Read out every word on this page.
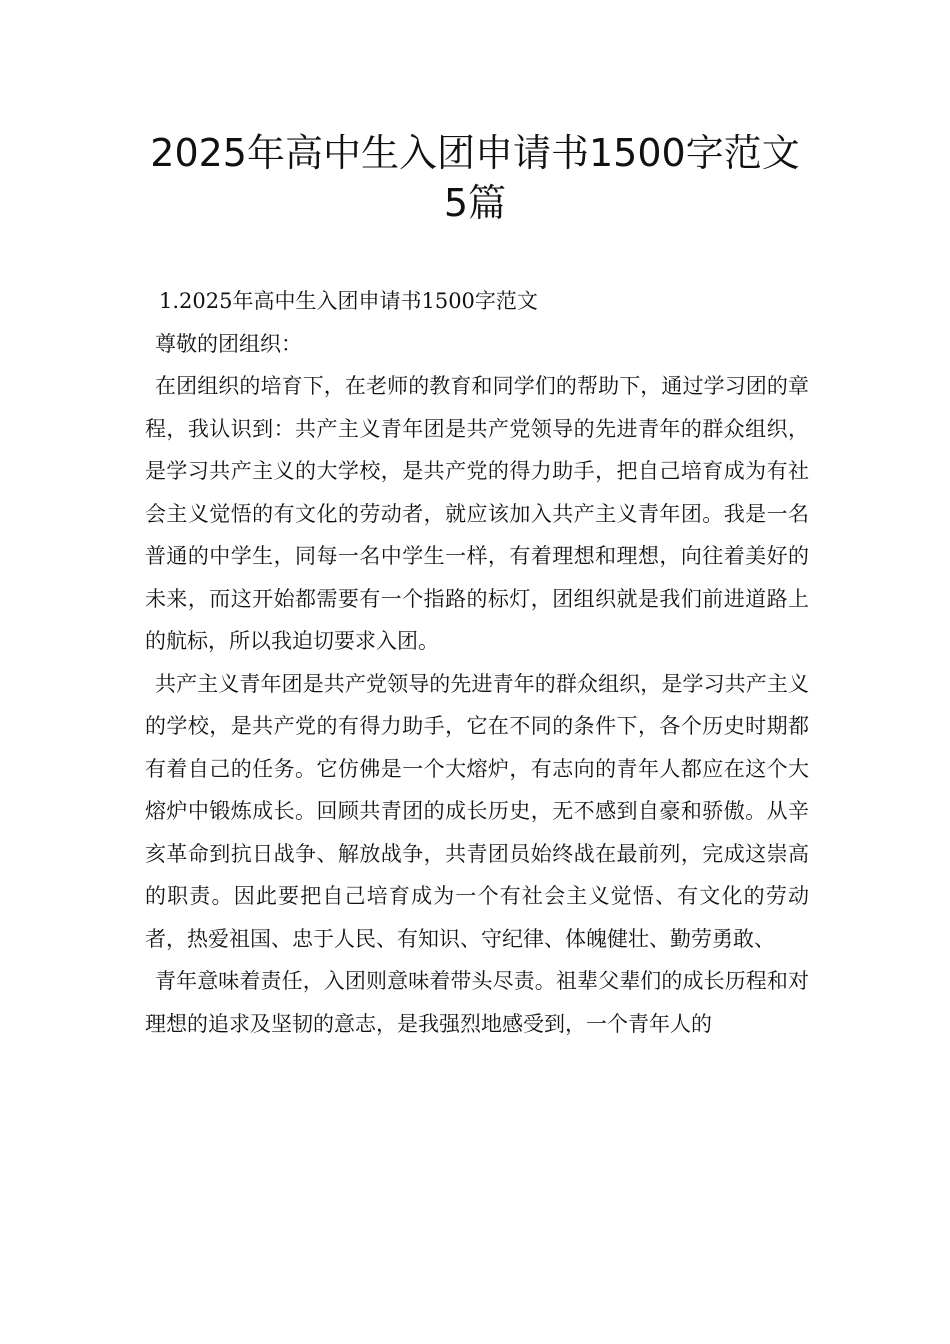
2025年高中生入团申请书1500字范文5篇

1.2025年高中生入团申请书1500字范文

尊敬的团组织：

在团组织的培育下，在老师的教育和同学们的帮助下，通过学习团的章程，我认识到：共产主义青年团是共产党领导的先进青年的群众组织，是学习共产主义的大学校，是共产党的得力助手，把自己培育成为有社会主义觉悟的有文化的劳动者，就应该加入共产主义青年团。我是一名普通的中学生，同每一名中学生一样，有着理想和理想，向往着美好的未来，而这开始都需要有一个指路的标灯，团组织就是我们前进道路上的航标，所以我迫切要求入团。

共产主义青年团是共产党领导的先进青年的群众组织，是学习共产主义的学校，是共产党的有得力助手，它在不同的条件下，各个历史时期都有着自己的任务。它仿佛是一个大熔炉，有志向的青年人都应在这个大熔炉中锻炼成长。回顾共青团的成长历史，无不感到自豪和骄傲。从辛亥革命到抗日战争、解放战争，共青团员始终战在最前列，完成这崇高的职责。因此要把自己培育成为一个有社会主义觉悟、有文化的劳动者，热爱祖国、忠于人民、有知识、守纪律、体魄健壮、勤劳勇敢、

青年意味着责任，入团则意味着带头尽责。祖辈父辈们的成长历程和对理想的追求及坚韧的意志，是我强烈地感受到，一个青年人的
